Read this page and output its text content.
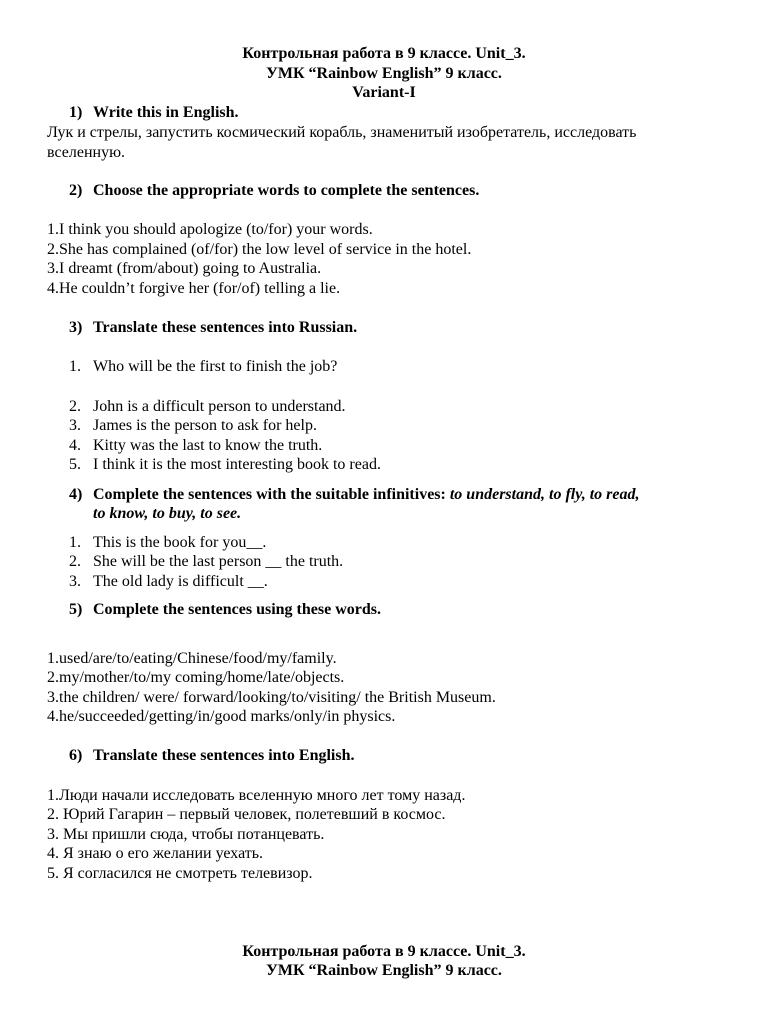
Контрольная работа в 9 классе. Unit_3.
УМК “Rainbow English” 9 класс.
Variant-I
1) Write this in English.
Лук и стрелы, запустить космический корабль, знаменитый изобретатель, исследовать
вселенную.
2) Choose the appropriate words to complete the sentences.
1.I think you should apologize (to/for) your words.
2.She has complained (of/for) the low level of service in the hotel.
3.I dreamt (from/about) going to Australia.
4.He couldn’t forgive her (for/of) telling a lie.
3) Translate these sentences into Russian.
1. Who will be the first to finish the job?
2. John is a difficult person to understand.
3. James is the person to ask for help.
4. Kitty was the last to know the truth.
5. I think it is the most interesting book to read.
4) Complete the sentences with the suitable infinitives: to understand, to fly, to read,
to know, to buy, to see.
1. This is the book for you__.
2. She will be the last person __ the truth.
3. The old lady is difficult __.
5) Complete the sentences using these words.
1.used/are/to/eating/Chinese/food/my/family.
2.my/mother/to/my coming/home/late/objects.
3.the children/ were/ forward/looking/to/visiting/ the British Museum.
4.he/succeeded/getting/in/good marks/only/in physics.
6) Translate these sentences into English.
1.Люди начали исследовать вселенную много лет тому назад.
2. Юрий Гагарин – первый человек, полетевший в космос.
3. Мы пришли сюда, чтобы потанцевать.
4. Я знаю о его желании уехать.
5. Я согласился не смотреть телевизор.
Контрольная работа в 9 классе. Unit_3.
УМК “Rainbow English” 9 класс.
